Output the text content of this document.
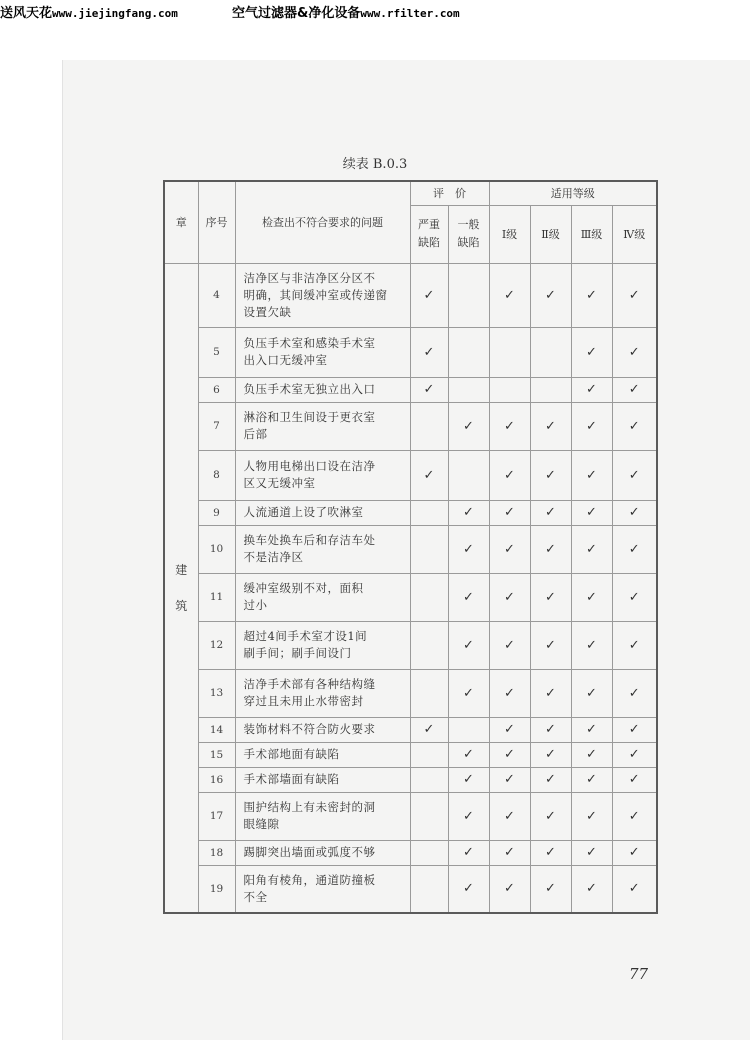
送风天花www.jiejingfang.com	空气过滤器&净化设备www.rfilter.com
续表 B.0.3
章	序号	检查出不符合要求的问题	评　价		适用等级			
			严重
缺陷	一般
缺陷	Ⅰ级	Ⅱ级	Ⅲ级	Ⅳ级
建
筑	4	洁净区与非洁净区分区不
明确，其间缓冲室或传递窗
设置欠缺	✓		✓	✓	✓	✓
	5	负压手术室和感染手术室
出入口无缓冲室	✓				✓	✓
	6	负压手术室无独立出入口	✓				✓	✓
	7	淋浴和卫生间设于更衣室
后部		✓	✓	✓	✓	✓
	8	人物用电梯出口设在洁净
区又无缓冲室	✓		✓	✓	✓	✓
	9	人流通道上设了吹淋室		✓	✓	✓	✓	✓
	10	换车处换车后和存洁车处
不是洁净区		✓	✓	✓	✓	✓
	11	缓冲室级别不对，面积
过小		✓	✓	✓	✓	✓
	12	超过4间手术室才设1间
刷手间；刷手间设门		✓	✓	✓	✓	✓
	13	洁净手术部有各种结构缝
穿过且未用止水带密封		✓	✓	✓	✓	✓
	14	装饰材料不符合防火要求	✓		✓	✓	✓	✓
	15	手术部地面有缺陷		✓	✓	✓	✓	✓
	16	手术部墙面有缺陷		✓	✓	✓	✓	✓
	17	围护结构上有未密封的洞
眼缝隙		✓	✓	✓	✓	✓
	18	踢脚突出墙面或弧度不够		✓	✓	✓	✓	✓
	19	阳角有棱角，通道防撞板
不全		✓	✓	✓	✓	✓
77
